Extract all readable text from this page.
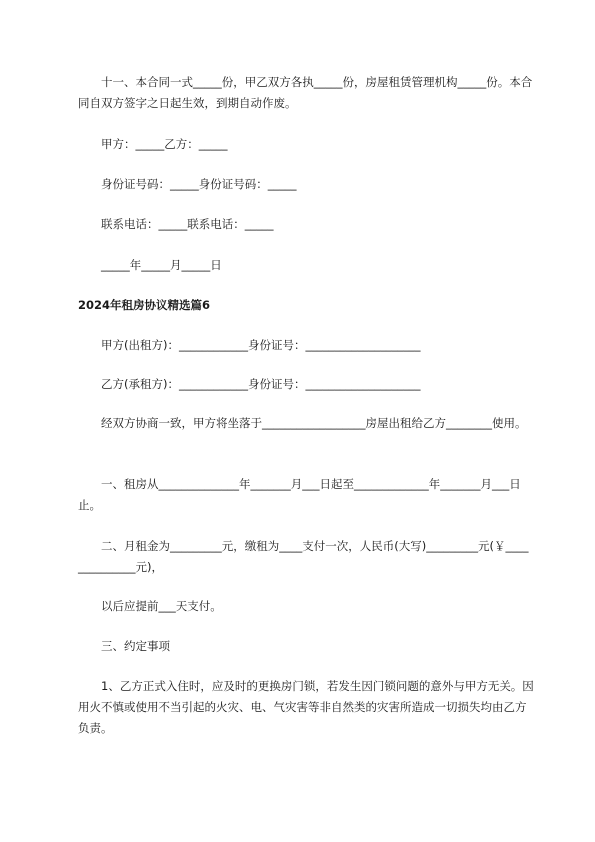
十一、本合同一式_____份，甲乙双方各执_____份，房屋租赁管理机构_____份。本合同自双方签字之日起生效，到期自动作废。

甲方：_____乙方：_____

身份证号码：_____身份证号码：_____

联系电话：_____联系电话：_____

_____年_____月_____日

2024年租房协议精选篇6

甲方(出租方)：____________身份证号：____________________

乙方(承租方)：____________身份证号：____________________

经双方协商一致，甲方将坐落于__________________房屋出租给乙方________使用。

一、租房从______________年_______月___日起至_____________年_______月___日止。

二、月租金为_________元，缴租为____支付一次，人民币(大写)_________元(￥______________元)，

以后应提前___天支付。

三、约定事项

1、乙方正式入住时，应及时的更换房门锁，若发生因门锁问题的意外与甲方无关。因用火不慎或使用不当引起的火灾、电、气灾害等非自然类的灾害所造成一切损失均由乙方负责。
